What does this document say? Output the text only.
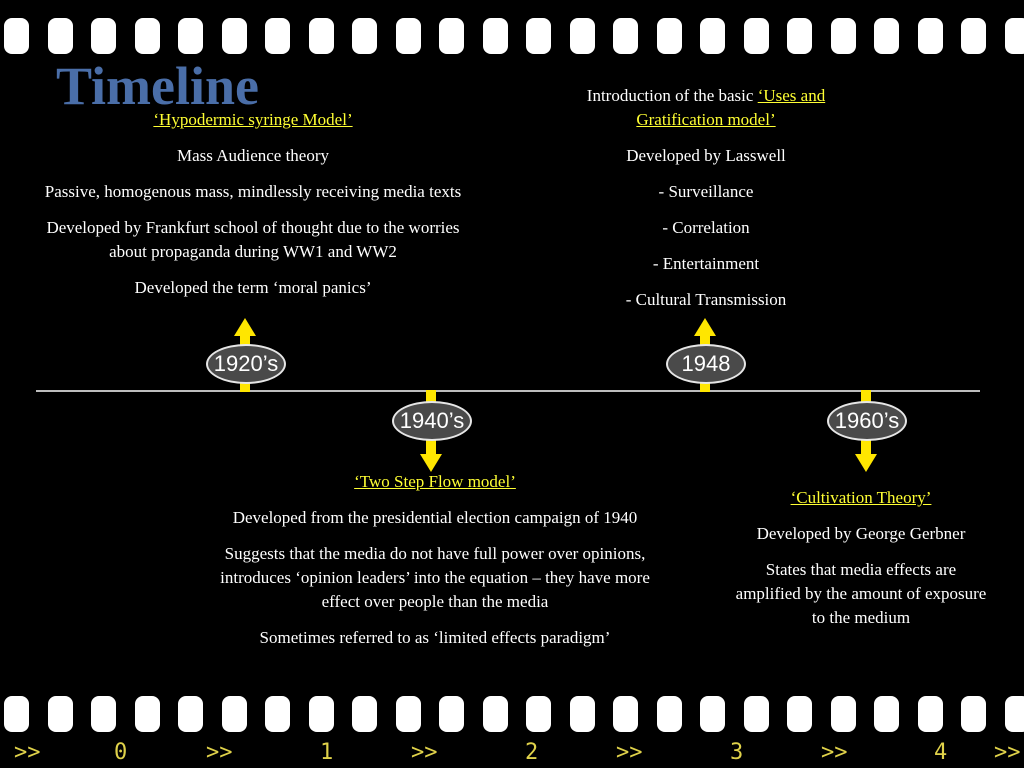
Timeline

‘Hypodermic syringe Model’

Mass Audience theory

Passive, homogenous mass, mindlessly receiving media texts

Developed by Frankfurt school of thought due to the worries about propaganda during WW1 and WW2

Developed the term ‘moral panics’

Introduction of the basic ‘Uses and Gratification model’

Developed by Lasswell

- Surveillance

- Correlation

- Entertainment

- Cultural Transmission

‘Two Step Flow model’

Developed from the presidential election campaign of 1940

Suggests that the media do not have full power over opinions, introduces ‘opinion leaders’ into the equation – they have more effect over people than the media

Sometimes referred to as ‘limited effects paradigm’

‘Cultivation Theory’

Developed by George Gerbner

States that media effects are amplified by the amount of exposure to the medium

1920’s	1948
1940’s	1960’s
>>	0	>>	1	>>	2	>>	3	>>	4 >>
